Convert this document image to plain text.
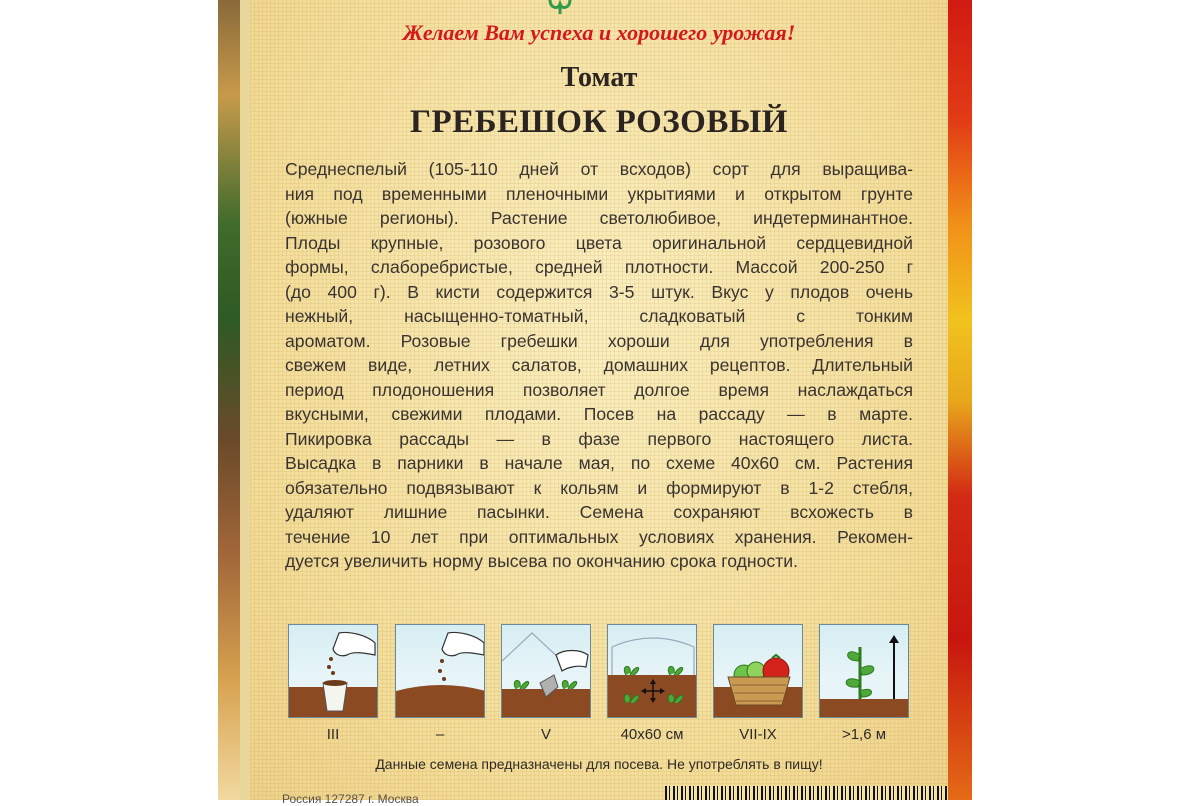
Желаем Вам успеха и хорошего урожая!
Томат
ГРЕБЕШОК РОЗОВЫЙ
Среднеспелый (105-110 дней от всходов) сорт для выращива-
ния под временными пленочными укрытиями и открытом грунте
(южные регионы). Растение светолюбивое, индетерминантное.
Плоды крупные, розового цвета оригинальной сердцевидной
формы, слаборебристые, средней плотности. Массой 200-250 г
(до 400 г). В кисти содержится 3-5 штук. Вкус у плодов очень
нежный, насыщенно-томатный, сладковатый с тонким
ароматом. Розовые гребешки хороши для употребления в
свежем виде, летних салатов, домашних рецептов. Длительный
период плодоношения позволяет долгое время наслаждаться
вкусными, свежими плодами. Посев на рассаду — в марте.
Пикировка рассады — в фазе первого настоящего листа.
Высадка в парники в начале мая, по схеме 40х60 см. Растения
обязательно подвязывают к кольям и формируют в 1-2 стебля,
удаляют лишние пасынки. Семена сохраняют всхожесть в
течение 10 лет при оптимальных условиях хранения. Рекомен-
дуется увеличить норму высева по окончанию срока годности.
III	–	V	40х60 см	VII-IX	>1,6 м
Данные семена предназначены для посева. Не употреблять в пищу!
Россия 127287 г. Москва
